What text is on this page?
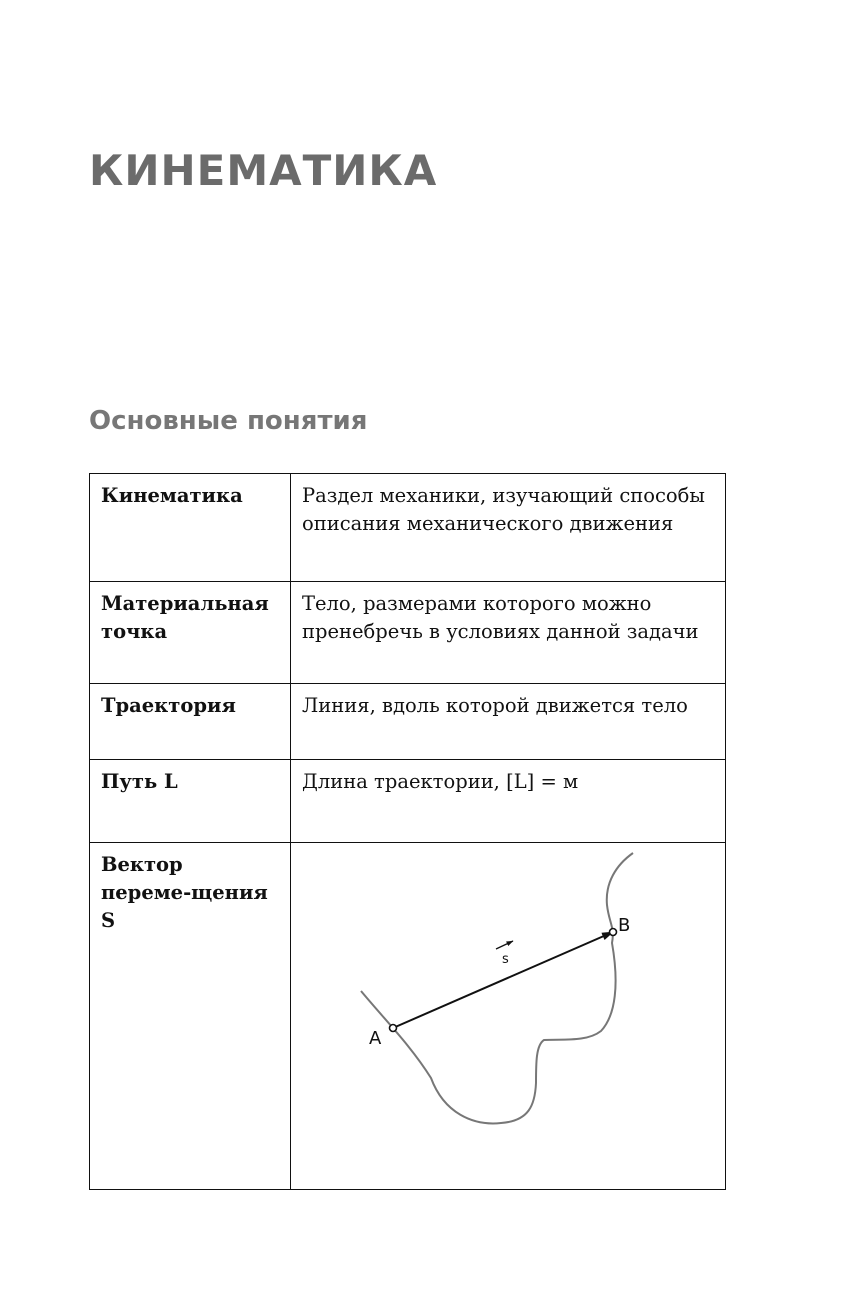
КИНЕМАТИКА
Основные понятия
Кинематика	Раздел механики, изучающий способы описания механического движения
Материальная точка	Тело, размерами которого можно пренебречь в условиях данной задачи
Траектория	Линия, вдоль которой движется тело
Путь L	Длина траектории, [L] = м
Вектор переме-щения S	A
B
s
